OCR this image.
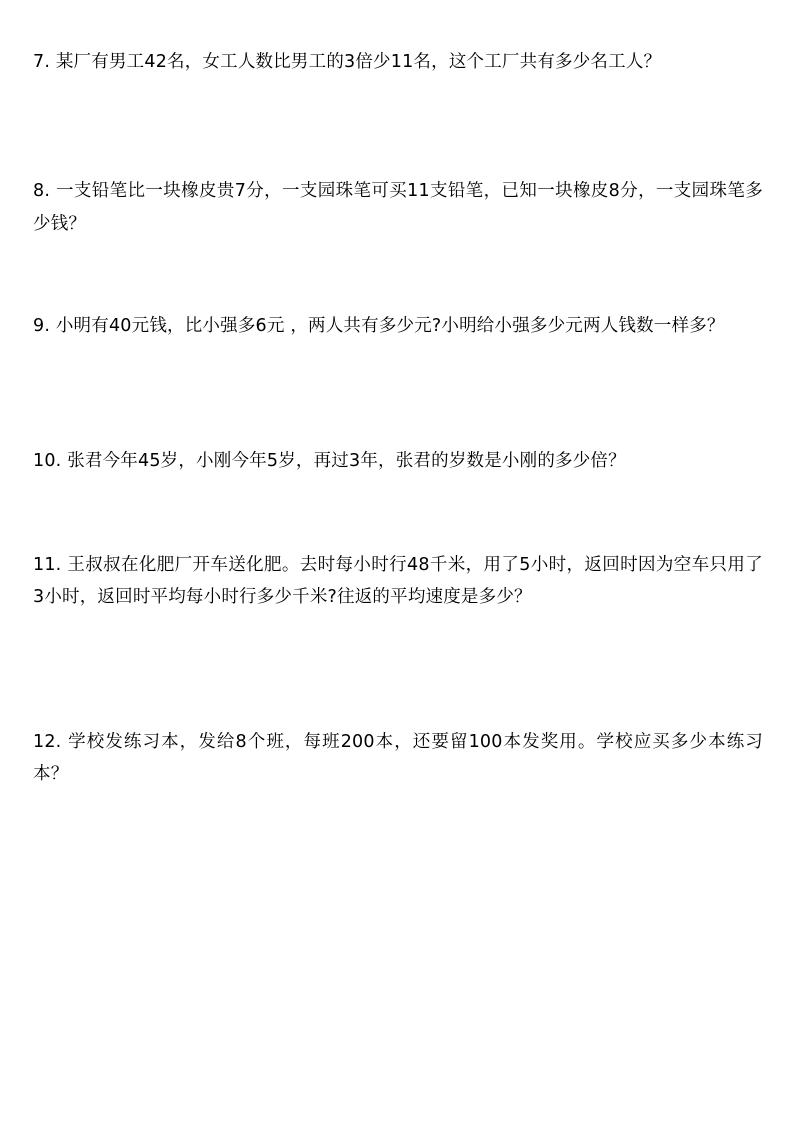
7. 某厂有男工42名，女工人数比男工的3倍少11名，这个工厂共有多少名工人？
8. 一支铅笔比一块橡皮贵7分，一支园珠笔可买11支铅笔，已知一块橡皮8分，一支园珠笔多少钱？
9. 小明有40元钱，比小强多6元 ，两人共有多少元?小明给小强多少元两人钱数一样多？
10. 张君今年45岁，小刚今年5岁，再过3年，张君的岁数是小刚的多少倍？
11. 王叔叔在化肥厂开车送化肥。去时每小时行48千米，用了5小时，返回时因为空车只用了3小时，返回时平均每小时行多少千米?往返的平均速度是多少？
12. 学校发练习本，发给8个班，每班200本，还要留100本发奖用。学校应买多少本练习本？
